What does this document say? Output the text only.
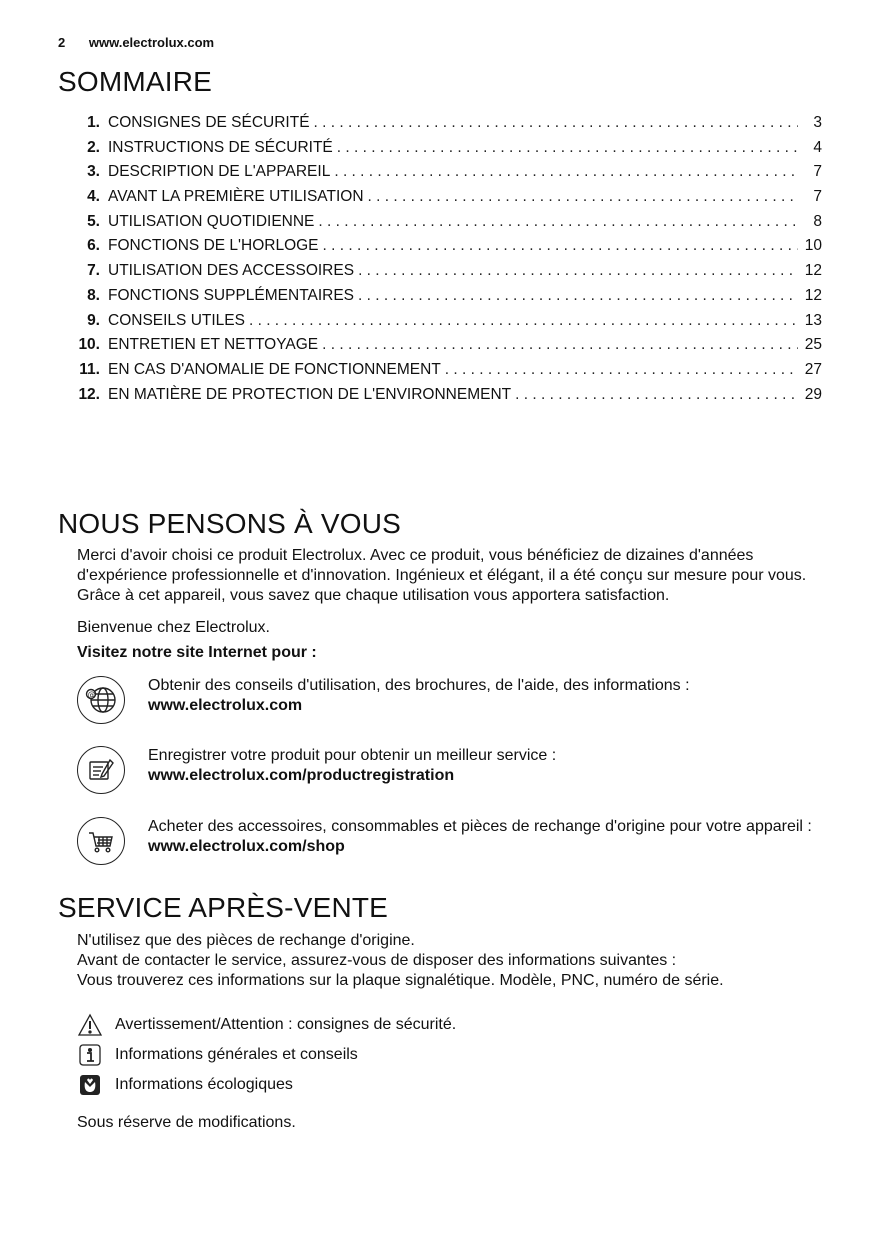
2 www.electrolux.com
SOMMAIRE
1. CONSIGNES DE SÉCURITÉ . . .	3
2. INSTRUCTIONS DE SÉCURITÉ . . .	4
3. DESCRIPTION DE L'APPAREIL . . .	7
4. AVANT LA PREMIÈRE UTILISATION . . .	7
5. UTILISATION QUOTIDIENNE . . .	8
6. FONCTIONS DE L'HORLOGE . . .	10
7. UTILISATION DES ACCESSOIRES . . .	12
8. FONCTIONS SUPPLÉMENTAIRES . . .	12
9. CONSEILS UTILES . . .	13
10. ENTRETIEN ET NETTOYAGE . . .	25
11. EN CAS D'ANOMALIE DE FONCTIONNEMENT . . .	27
12. EN MATIÈRE DE PROTECTION DE L'ENVIRONNEMENT . . .	29
NOUS PENSONS À VOUS
Merci d'avoir choisi ce produit Electrolux. Avec ce produit, vous bénéficiez de dizaines d'années d'expérience professionnelle et d'innovation. Ingénieux et élégant, il a été conçu sur mesure pour vous. Grâce à cet appareil, vous savez que chaque utilisation vous apportera satisfaction.
Bienvenue chez Electrolux.
Visitez notre site Internet pour :
@
Obtenir des conseils d'utilisation, des brochures, de l'aide, des informations :
www.electrolux.com
Enregistrer votre produit pour obtenir un meilleur service :
www.electrolux.com/productregistration
Acheter des accessoires, consommables et pièces de rechange d'origine pour votre appareil :
www.electrolux.com/shop
SERVICE APRÈS-VENTE
N'utilisez que des pièces de rechange d'origine.
Avant de contacter le service, assurez-vous de disposer des informations suivantes :
Vous trouverez ces informations sur la plaque signalétique. Modèle, PNC, numéro de série.
Avertissement/Attention : consignes de sécurité.
Informations générales et conseils
Informations écologiques
Sous réserve de modifications.
